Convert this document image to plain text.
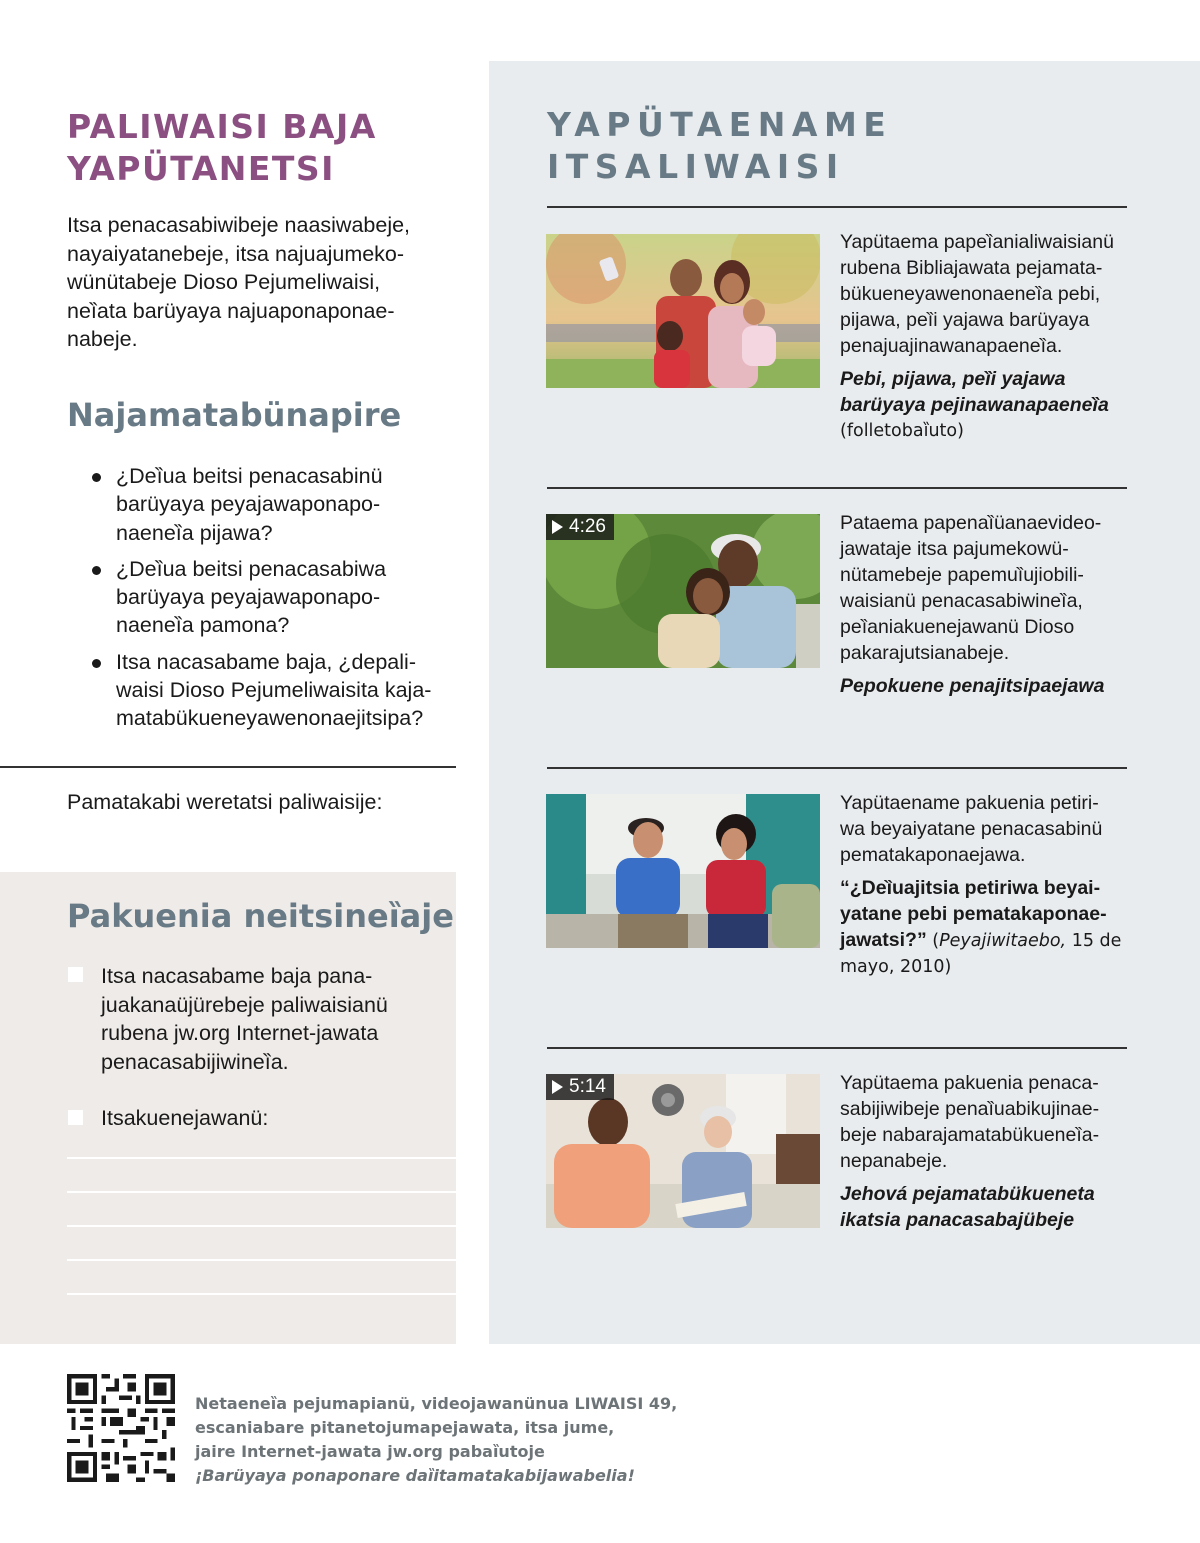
PALIWAISI BAJA
YAPÜTANETSI

Itsa penacasabiwibeje naasiwabeje,
nayaiyatanebeje, itsa najuajumeko-
wünütabeje Dioso Pejumeliwaisi,
neȉata barüyaya najuaponaponae-
nabeje.

Najamatabünapire
¿Deȉua beitsi penacasabinü
barüyaya peyajawaponapo-
naeneȉa pijawa?
¿Deȉua beitsi penacasabiwa
barüyaya peyajawaponapo-
naeneȉa pamona?
Itsa nacasabame baja, ¿depali-
waisi Dioso Pejumeliwaisita kaja-
matabükueneyawenonaejitsipa?

Pamatakabi weretatsi paliwaisije:

Pakuenia neitsineȉaje

Itsa nacasabame baja pana-
juakanaüjürebeje paliwaisianü
rubena jw.org Internet-jawata
penacasabijiwineȉa.

Itsakuenejawanü:

YAPÜTAENAME
ITSALIWAISI
Yapütaema papeȉanialiwaisianü
rubena Bibliajawata pejamata-
bükueneyawenonaeneȉa pebi,
pijawa, peȉi yajawa barüyaya
penajuajinawanapaeneȉa.
Pebi, pijawa, peȉi yajawa
barüyaya pejinawanapaeneȉa
(folletobaȉuto)
4:26	Pataema papenaȉüanaevideo-
jawataje itsa pajumekowü-
nütamebeje papemuȉujiobili-
waisianü penacasabiwineȉa,
peȉaniakuenejawanü Dioso
pakarajutsianabeje.
Pepokuene penajitsipaejawa
Yapütaename pakuenia petiri-
wa beyaiyatane penacasabinü
pematakaponaejawa.
“¿Deȉuajitsia petiriwa beyai-
yatane pebi pematakaponae-
jawatsi?” (Peyajiwitaebo, 15 de
mayo, 2010)
5:14	Yapütaema pakuenia penaca-
sabijiwibeje penaȉuabikujinae-
beje nabarajamatabükueneȉa-
nepanabeje.
Jehová pejamatabükueneta
ikatsia panacasabajübeje
Netaeneȉa pejumapianü, videojawanünua LIWAISI 49,
escaniabare pitanetojumapejawata, itsa jume,
jaire Internet-jawata jw.org pabaȉutoje
¡Barüyaya ponaponare daȉitamatakabijawabelia!
